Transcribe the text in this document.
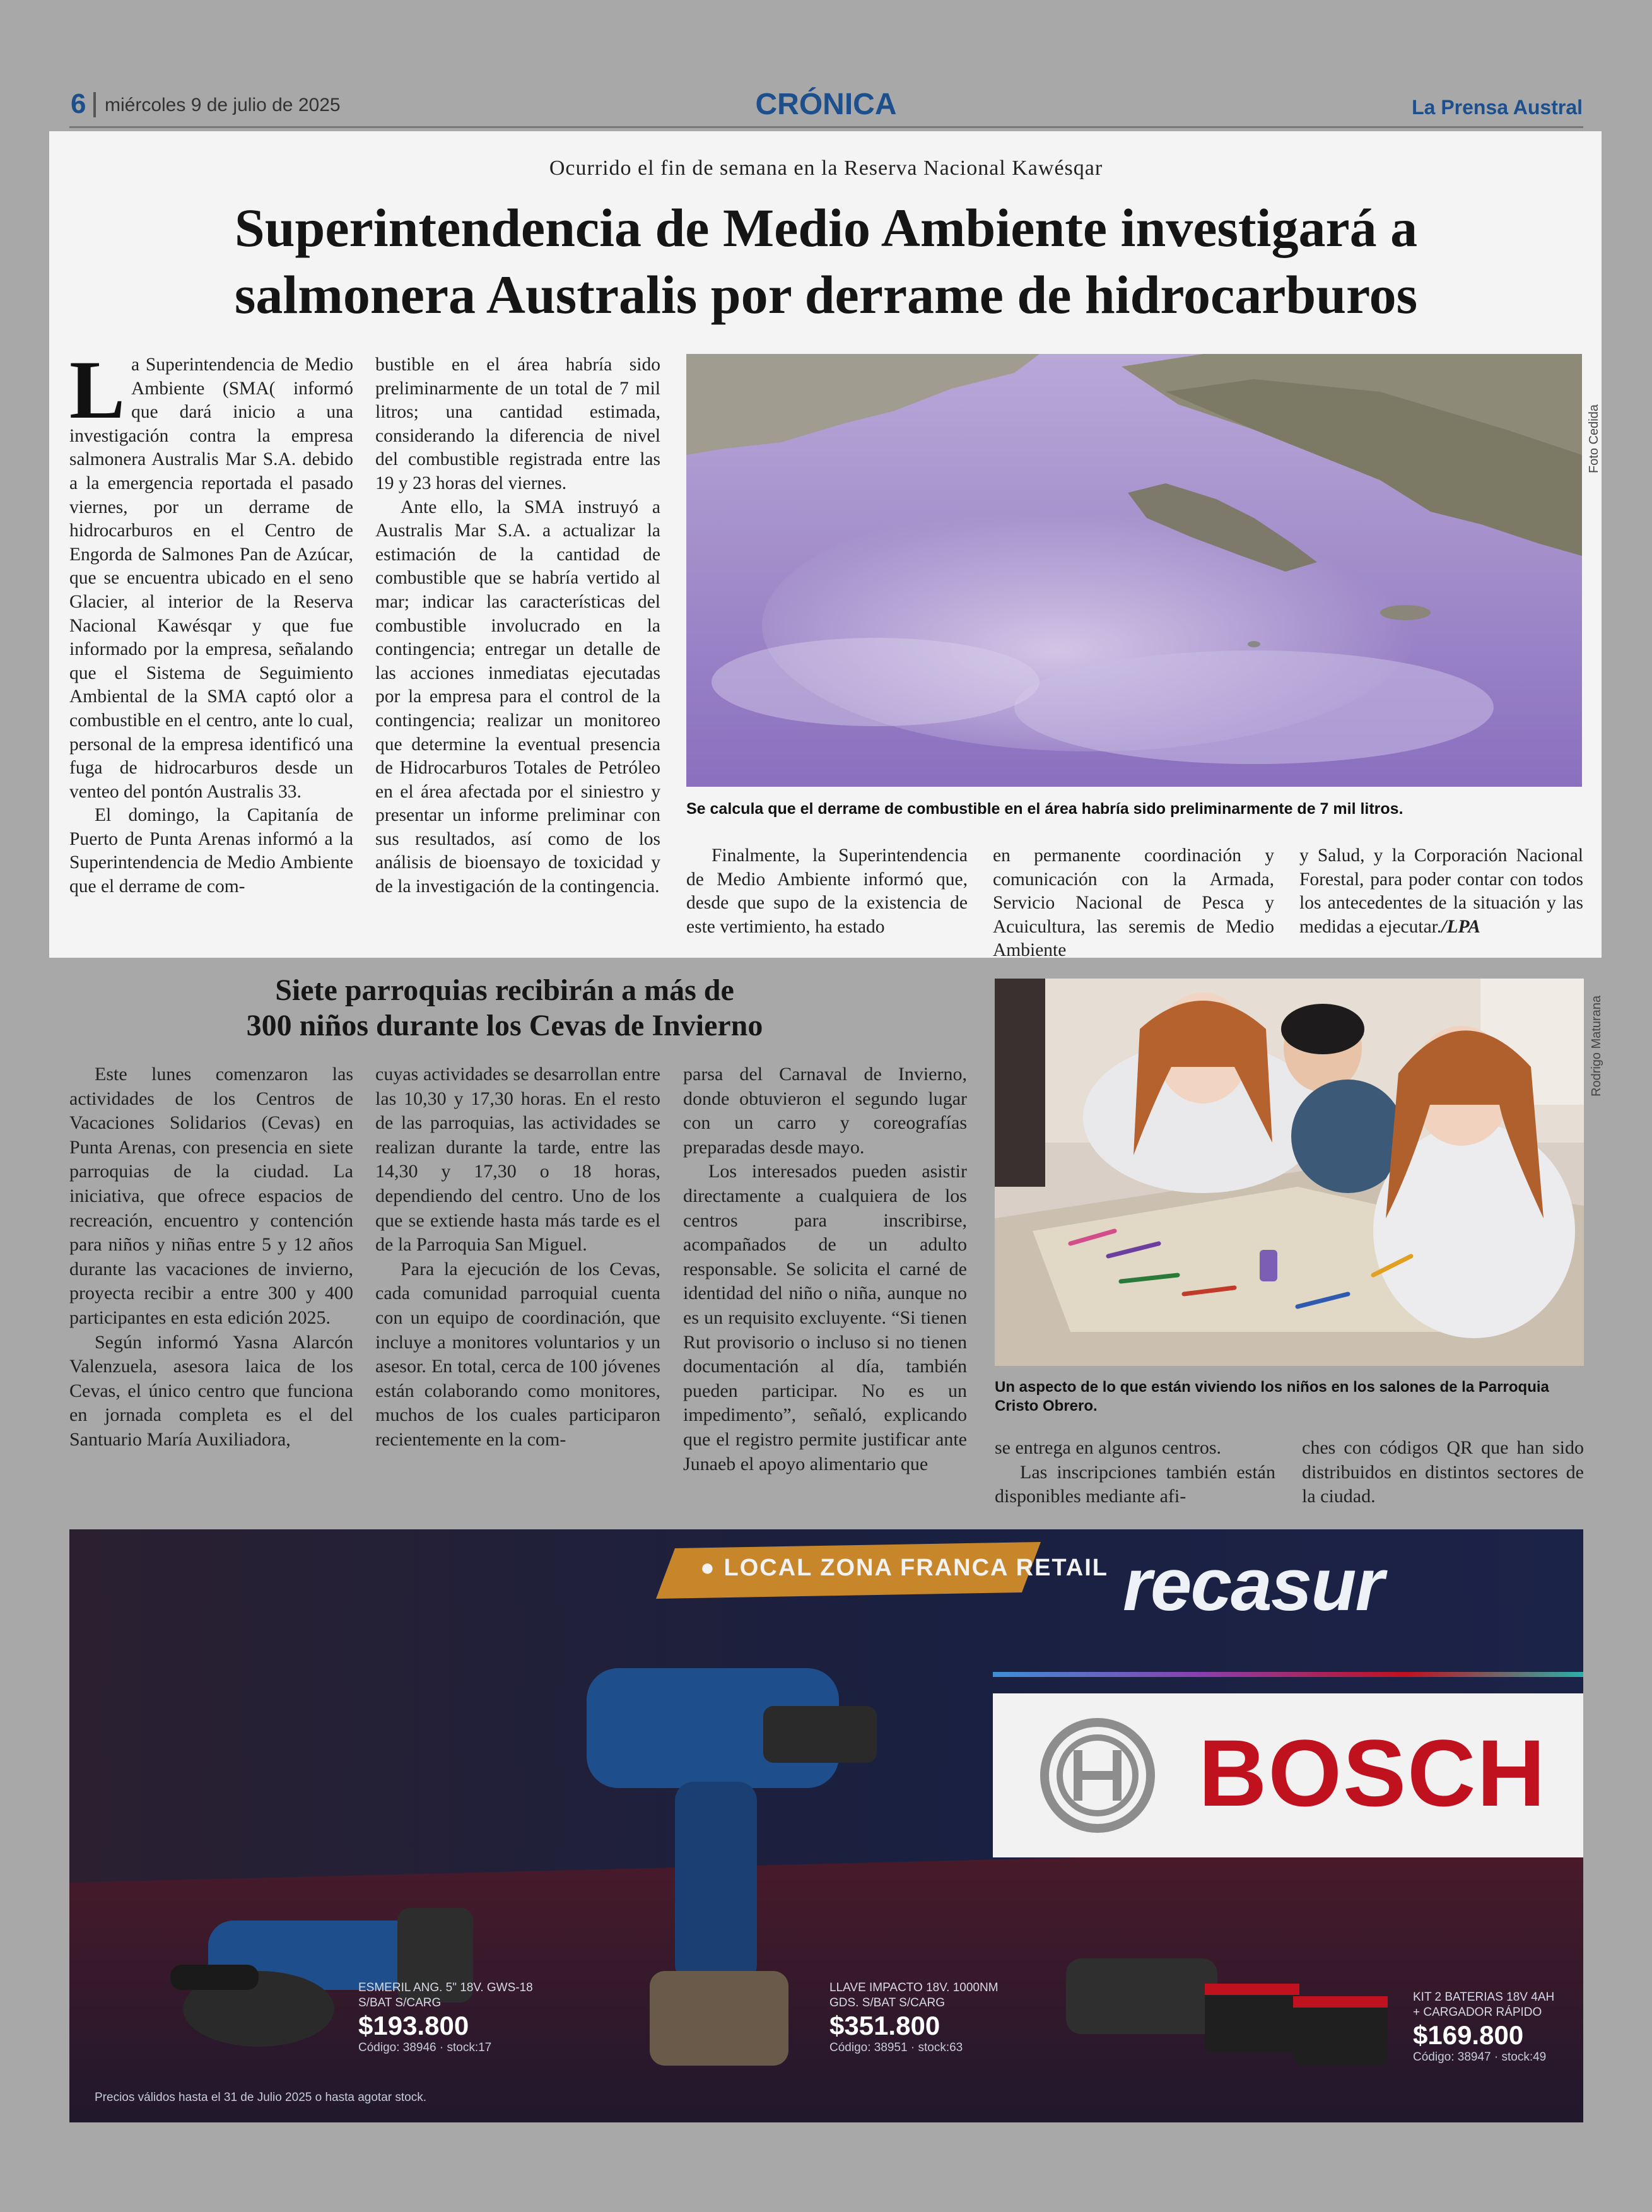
6 miércoles 9 de julio de 2025	CRÓNICA	La Prensa Austral
Ocurrido el fin de semana en la Reserva Nacional Kawésqar
Superintendencia de Medio Ambiente investigará a
salmonera Australis por derrame de hidrocarburos

La Superintendencia de Medio Ambiente (SMA( informó que dará inicio a una investigación contra la empresa salmonera Australis Mar S.A. debido a la emergencia reportada el pasado viernes, por un derrame de hidrocarburos en el Centro de Engorda de Salmones Pan de Azúcar, que se encuentra ubicado en el seno Glacier, al interior de la Reserva Nacional Kawésqar y que fue informado por la empresa, señalando que el Sistema de Seguimiento Ambiental de la SMA captó olor a combustible en el centro, ante lo cual, personal de la empresa identificó una fuga de hidrocarburos desde un venteo del pontón Australis 33.

El domingo, la Capitanía de Puerto de Punta Arenas informó a la Superintendencia de Medio Ambiente que el derrame de com-

bustible en el área habría sido preliminarmente de un total de 7 mil litros; una cantidad estimada, considerando la diferencia de nivel del combustible registrada entre las 19 y 23 horas del viernes.

Ante ello, la SMA instruyó a Australis Mar S.A. a actualizar la estimación de la cantidad de combustible que se habría vertido al mar; indicar las características del combustible involucrado en la contingencia; entregar un detalle de las acciones inmediatas ejecutadas por la empresa para el control de la contingencia; realizar un monitoreo que determine la eventual presencia de Hidrocarburos Totales de Petróleo en el área afectada por el siniestro y presentar un informe preliminar con sus resultados, así como de los análisis de bioensayo de toxicidad y de la investigación de la contingencia.

Finalmente, la Superintendencia de Medio Ambiente informó que, desde que supo de la existencia de este vertimiento, ha estado

en permanente coordinación y comunicación con la Armada, Servicio Nacional de Pesca y Acuicultura, las seremis de Medio Ambiente

y Salud, y la Corporación Nacional Forestal, para poder contar con todos los antecedentes de la situación y las medidas a ejecutar./LPA

Foto Cedida
Se calcula que el derrame de combustible en el área habría sido preliminarmente de 7 mil litros.
Siete parroquias recibirán a más de
300 niños durante los Cevas de Invierno

Este lunes comenzaron las actividades de los Centros de Vacaciones Solidarios (Cevas) en Punta Arenas, con presencia en siete parroquias de la ciudad. La iniciativa, que ofrece espacios de recreación, encuentro y contención para niños y niñas entre 5 y 12 años durante las vacaciones de invierno, proyecta recibir a entre 300 y 400 participantes en esta edición 2025.

Según informó Yasna Alarcón Valenzuela, asesora laica de los Cevas, el único centro que funciona en jornada completa es el del Santuario María Auxiliadora,

cuyas actividades se desarrollan entre las 10,30 y 17,30 horas. En el resto de las parroquias, las actividades se realizan durante la tarde, entre las 14,30 y 17,30 o 18 horas, dependiendo del centro. Uno de los que se extiende hasta más tarde es el de la Parroquia San Miguel.

Para la ejecución de los Cevas, cada comunidad parroquial cuenta con un equipo de coordinación, que incluye a monitores voluntarios y un asesor. En total, cerca de 100 jóvenes están colaborando como monitores, muchos de los cuales participaron recientemente en la com-

parsa del Carnaval de Invierno, donde obtuvieron el segundo lugar con un carro y coreografías preparadas desde mayo.

Los interesados pueden asistir directamente a cualquiera de los centros para inscribirse, acompañados de un adulto responsable. Se solicita el carné de identidad del niño o niña, aunque no es un requisito excluyente. “Si tienen Rut provisorio o incluso si no tienen documentación al día, también pueden participar. No es un impedimento”, señaló, explicando que el registro permite justificar ante Junaeb el apoyo alimentario que

se entrega en algunos centros.

Las inscripciones también están disponibles mediante afi-

ches con códigos QR que han sido distribuidos en distintos sectores de la ciudad.

Rodrigo Maturana
Un aspecto de lo que están viviendo los niños en los salones de la Parroquia Cristo Obrero.
● LOCAL ZONA FRANCA RETAIL recasur
BOSCH
ESMERIL ANG. 5" 18V. GWS-18
S/BAT S/CARG
$193.800
Código: 38946 · stock:17
LLAVE IMPACTO 18V. 1000NM
GDS. S/BAT S/CARG
$351.800
Código: 38951 · stock:63
KIT 2 BATERIAS 18V 4AH
+ CARGADOR RÁPIDO
$169.800
Código: 38947 · stock:49
Precios válidos hasta el 31 de Julio 2025 o hasta agotar stock.
